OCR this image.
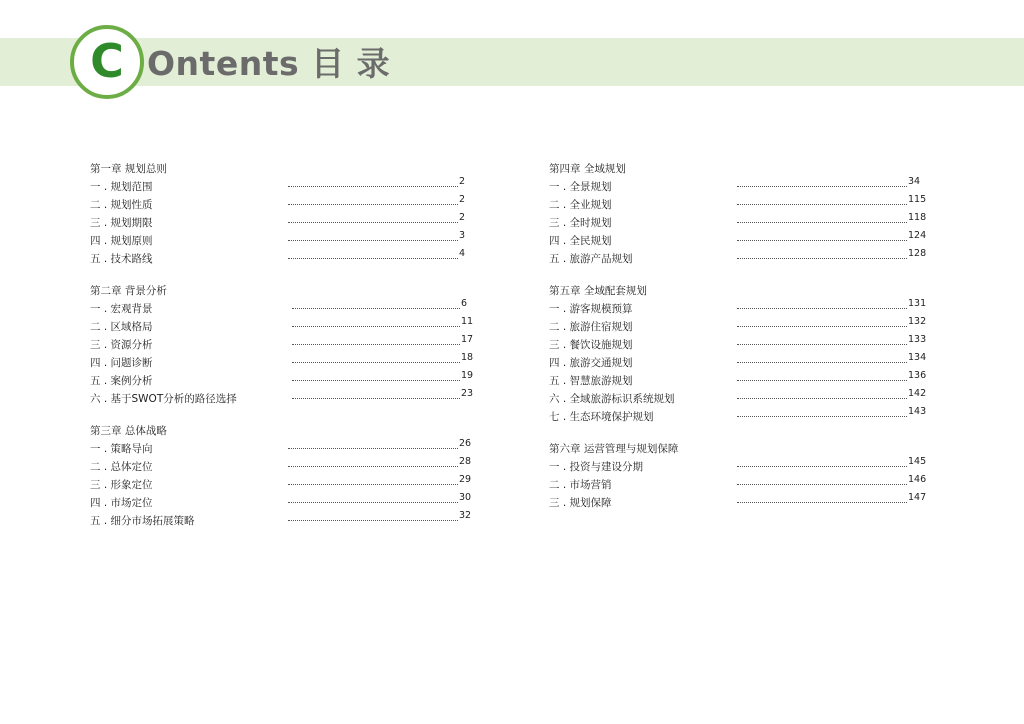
C Ontents 目 录
第一章 规划总则
一 . 规划范围	2
二 . 规划性质	2
三 . 规划期限	2
四 . 规划原则	3
五 . 技术路线	4
第二章 背景分析
一 . 宏观背景	6
二 . 区域格局	11
三 . 资源分析	17
四 . 问题诊断	18
五 . 案例分析	19
六 . 基于SWOT分析的路径选择	23
第三章 总体战略
一 . 策略导向	26
二 . 总体定位	28
三 . 形象定位	29
四 . 市场定位	30
五 . 细分市场拓展策略	32
第四章 全域规划
一 . 全景规划	34
二 . 全业规划	115
三 . 全时规划	118
四 . 全民规划	124
五 . 旅游产品规划	128
第五章 全域配套规划
一 . 游客规模预算	131
二 . 旅游住宿规划	132
三 . 餐饮设施规划	133
四 . 旅游交通规划	134
五 . 智慧旅游规划	136
六 . 全域旅游标识系统规划	142
七 . 生态环境保护规划	143
第六章 运营管理与规划保障
一 . 投资与建设分期	145
二 . 市场营销	146
三 . 规划保障	147
